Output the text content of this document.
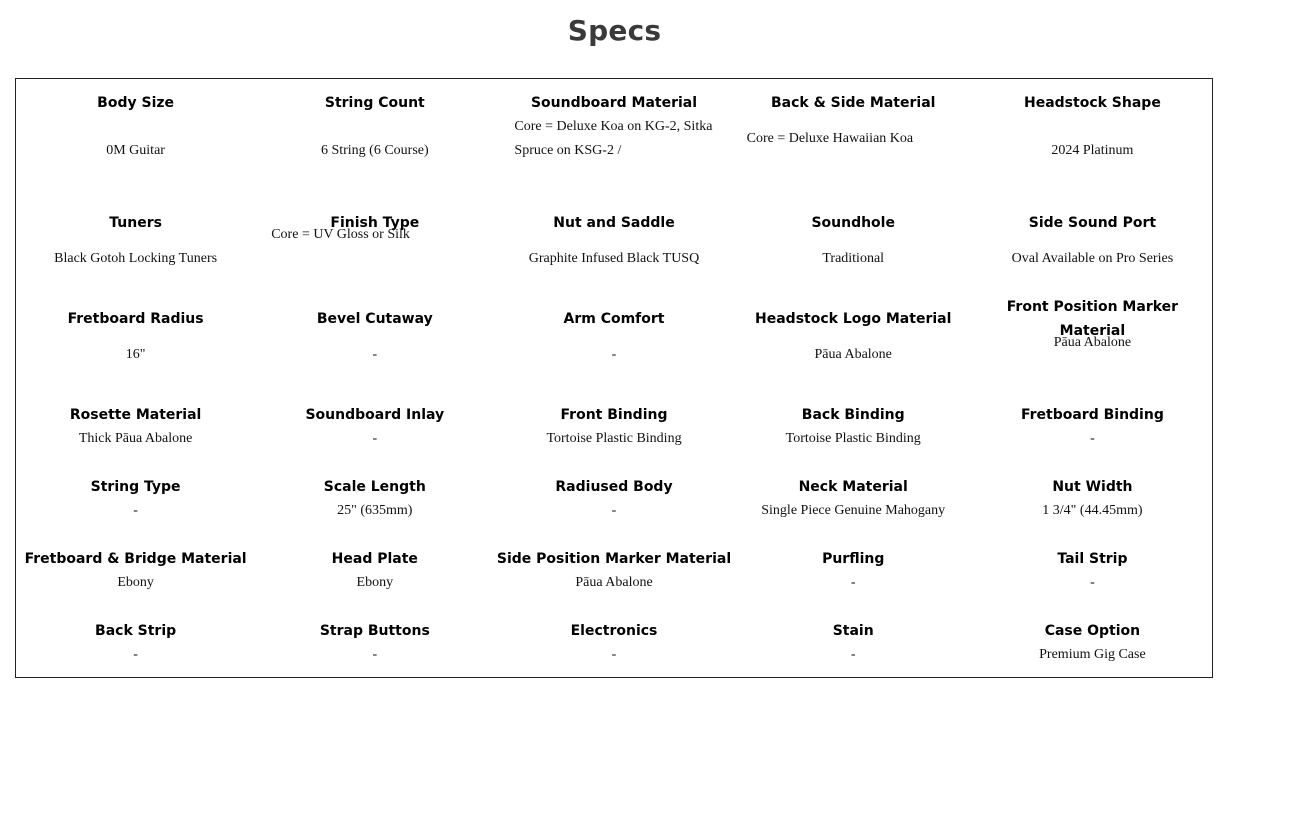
Specs
Body Size
0M Guitar
String Count
6 String (6 Course)
Soundboard Material
Core = Deluxe Koa on KG-2, Sitka Spruce on KSG-2 /
Back & Side Material
Core = Deluxe Hawaiian Koa
Headstock Shape
2024 Platinum
Tuners
Black Gotoh Locking Tuners
Finish Type
Core = UV Gloss or Silk
Nut and Saddle
Graphite Infused Black TUSQ
Soundhole
Traditional
Side Sound Port
Oval Available on Pro Series
Fretboard Radius
16"
Bevel Cutaway
-
Arm Comfort
-
Headstock Logo Material
Pāua Abalone
Front Position Marker Material
Pāua Abalone
Rosette Material
Thick Pāua Abalone
Soundboard Inlay
-
Front Binding
Tortoise Plastic Binding
Back Binding
Tortoise Plastic Binding
Fretboard Binding
-
String Type
-
Scale Length
25" (635mm)
Radiused Body
-
Neck Material
Single Piece Genuine Mahogany
Nut Width
1 3/4" (44.45mm)
Fretboard & Bridge Material
Ebony
Head Plate
Ebony
Side Position Marker Material
Pāua Abalone
Purfling
-
Tail Strip
-
Back Strip
-
Strap Buttons
-
Electronics
-
Stain
-
Case Option
Premium Gig Case
